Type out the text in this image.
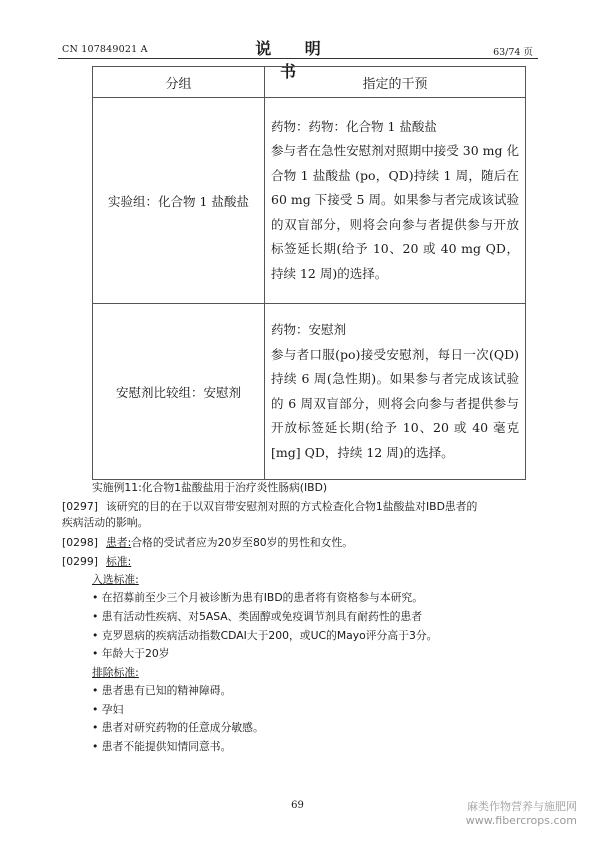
CN 107849021 A	说 明 书
63/74 页
分组	指定的干预
实验组：化合物 1 盐酸盐	药物：药物：化合物 1 盐酸盐

参与者在急性安慰剂对照期中接受 30 mg 化合物 1 盐酸盐 (po，QD)持续 1 周，随后在 60 mg 下接受 5 周。如果参与者完成该试验的双盲部分，则将会向参与者提供参与开放标签延长期(给予 10、20 或 40 mg QD，持续 12 周)的选择。

安慰剂比较组：安慰剂	药物：安慰剂

参与者口服(po)接受安慰剂，每日一次(QD)持续 6 周(急性期)。如果参与者完成该试验的 6 周双盲部分，则将会向参与者提供参与开放标签延长期(给予 10、20 或 40 毫克[mg] QD，持续 12 周)的选择。

实施例11:化合物1盐酸盐用于治疗炎性肠病(IBD)
[0297] 该研究的目的在于以双盲带安慰剂对照的方式检查化合物1盐酸盐对IBD患者的
疾病活动的影响。
[0298] 患者:合格的受试者应为20岁至80岁的男性和女性。
[0299] 标准:
入选标准:
• 在招募前至少三个月被诊断为患有IBD的患者将有资格参与本研究。
• 患有活动性疾病、对5ASA、类固醇或免疫调节剂具有耐药性的患者
• 克罗恩病的疾病活动指数CDAI大于200，或UC的Mayo评分高于3分。
• 年龄大于20岁
排除标准:
• 患者患有已知的精神障碍。
• 孕妇
• 患者对研究药物的任意成分敏感。
• 患者不能提供知情同意书。
69	麻类作物营养与施肥网
www.fibercrops.com
